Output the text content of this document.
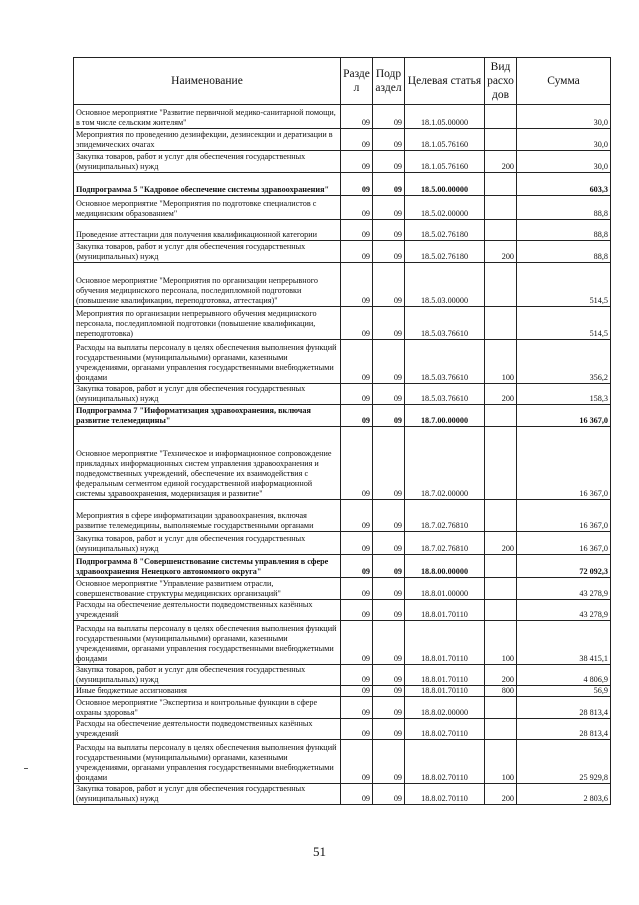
Наименование	Разде л	Подр аздел	Целевая статья	Вид расхо дов	Сумма
Основное мероприятие "Развитие первичной медико-санитарной помощи, в том числе сельским жителям"	09	09	18.1.05.00000		30,0
Мероприятия по проведению дезинфекции, дезинсекции и дератизации в эпидемических очагах	09	09	18.1.05.76160		30,0
Закупка товаров, работ и услуг для обеспечения государственных (муниципальных) нужд	09	09	18.1.05.76160	200	30,0
Подпрограмма 5 "Кадровое обеспечение системы здравоохранения"	09	09	18.5.00.00000		603,3
Основное мероприятие "Мероприятия по подготовке специалистов с медицинским образованием"	09	09	18.5.02.00000		88,8
Проведение аттестации для получения квалификационной категории	09	09	18.5.02.76180		88,8
Закупка товаров, работ и услуг для обеспечения государственных (муниципальных) нужд	09	09	18.5.02.76180	200	88,8
Основное мероприятие "Мероприятия по организации непрерывного обучения медицинского персонала, последипломной подготовки (повышение квалификации, переподготовка, аттестация)"	09	09	18.5.03.00000		514,5
Мероприятия по организации непрерывного обучения медицинского персонала, последипломной подготовки (повышение квалификации, переподготовка)	09	09	18.5.03.76610		514,5
Расходы на выплаты персоналу в целях обеспечения выполнения функций государственными (муниципальными) органами, казенными учреждениями, органами управления государственными внебюджетными фондами	09	09	18.5.03.76610	100	356,2
Закупка товаров, работ и услуг для обеспечения государственных (муниципальных) нужд	09	09	18.5.03.76610	200	158,3
Подпрограмма 7 "Информатизация здравоохранения, включая развитие телемедицины"	09	09	18.7.00.00000		16 367,0
Основное мероприятие "Техническое и информационное сопровождение прикладных информационных систем управления здравоохранения и подведомственных учреждений, обеспечение их взаимодействия с федеральным сегментом единой государственной информационной системы здравоохранения, модернизация и развитие"	09	09	18.7.02.00000		16 367,0
Мероприятия в сфере информатизации здравоохранения, включая развитие телемедицины, выполняемые государственными органами	09	09	18.7.02.76810		16 367,0
Закупка товаров, работ и услуг для обеспечения государственных (муниципальных) нужд	09	09	18.7.02.76810	200	16 367,0
Подпрограмма 8 "Совершенствование системы управления в сфере здравоохранения Ненецкого автономного округа"	09	09	18.8.00.00000		72 092,3
Основное мероприятие "Управление развитием отрасли, совершенствование структуры медицинских организаций"	09	09	18.8.01.00000		43 278,9
Расходы на обеспечение деятельности подведомственных казённых учреждений	09	09	18.8.01.70110		43 278,9
Расходы на выплаты персоналу в целях обеспечения выполнения функций государственными (муниципальными) органами, казенными учреждениями, органами управления государственными внебюджетными фондами	09	09	18.8.01.70110	100	38 415,1
Закупка товаров, работ и услуг для обеспечения государственных (муниципальных) нужд	09	09	18.8.01.70110	200	4 806,9
Иные бюджетные ассигнования	09	09	18.8.01.70110	800	56,9
Основное мероприятие "Экспертиза и контрольные функции в сфере охраны здоровья"	09	09	18.8.02.00000		28 813,4
Расходы на обеспечение деятельности подведомственных казённых учреждений	09	09	18.8.02.70110		28 813,4
Расходы на выплаты персоналу в целях обеспечения выполнения функций государственными (муниципальными) органами, казенными учреждениями, органами управления государственными внебюджетными фондами	09	09	18.8.02.70110	100	25 929,8
Закупка товаров, работ и услуг для обеспечения государственных (муниципальных) нужд	09	09	18.8.02.70110	200	2 803,6
51
